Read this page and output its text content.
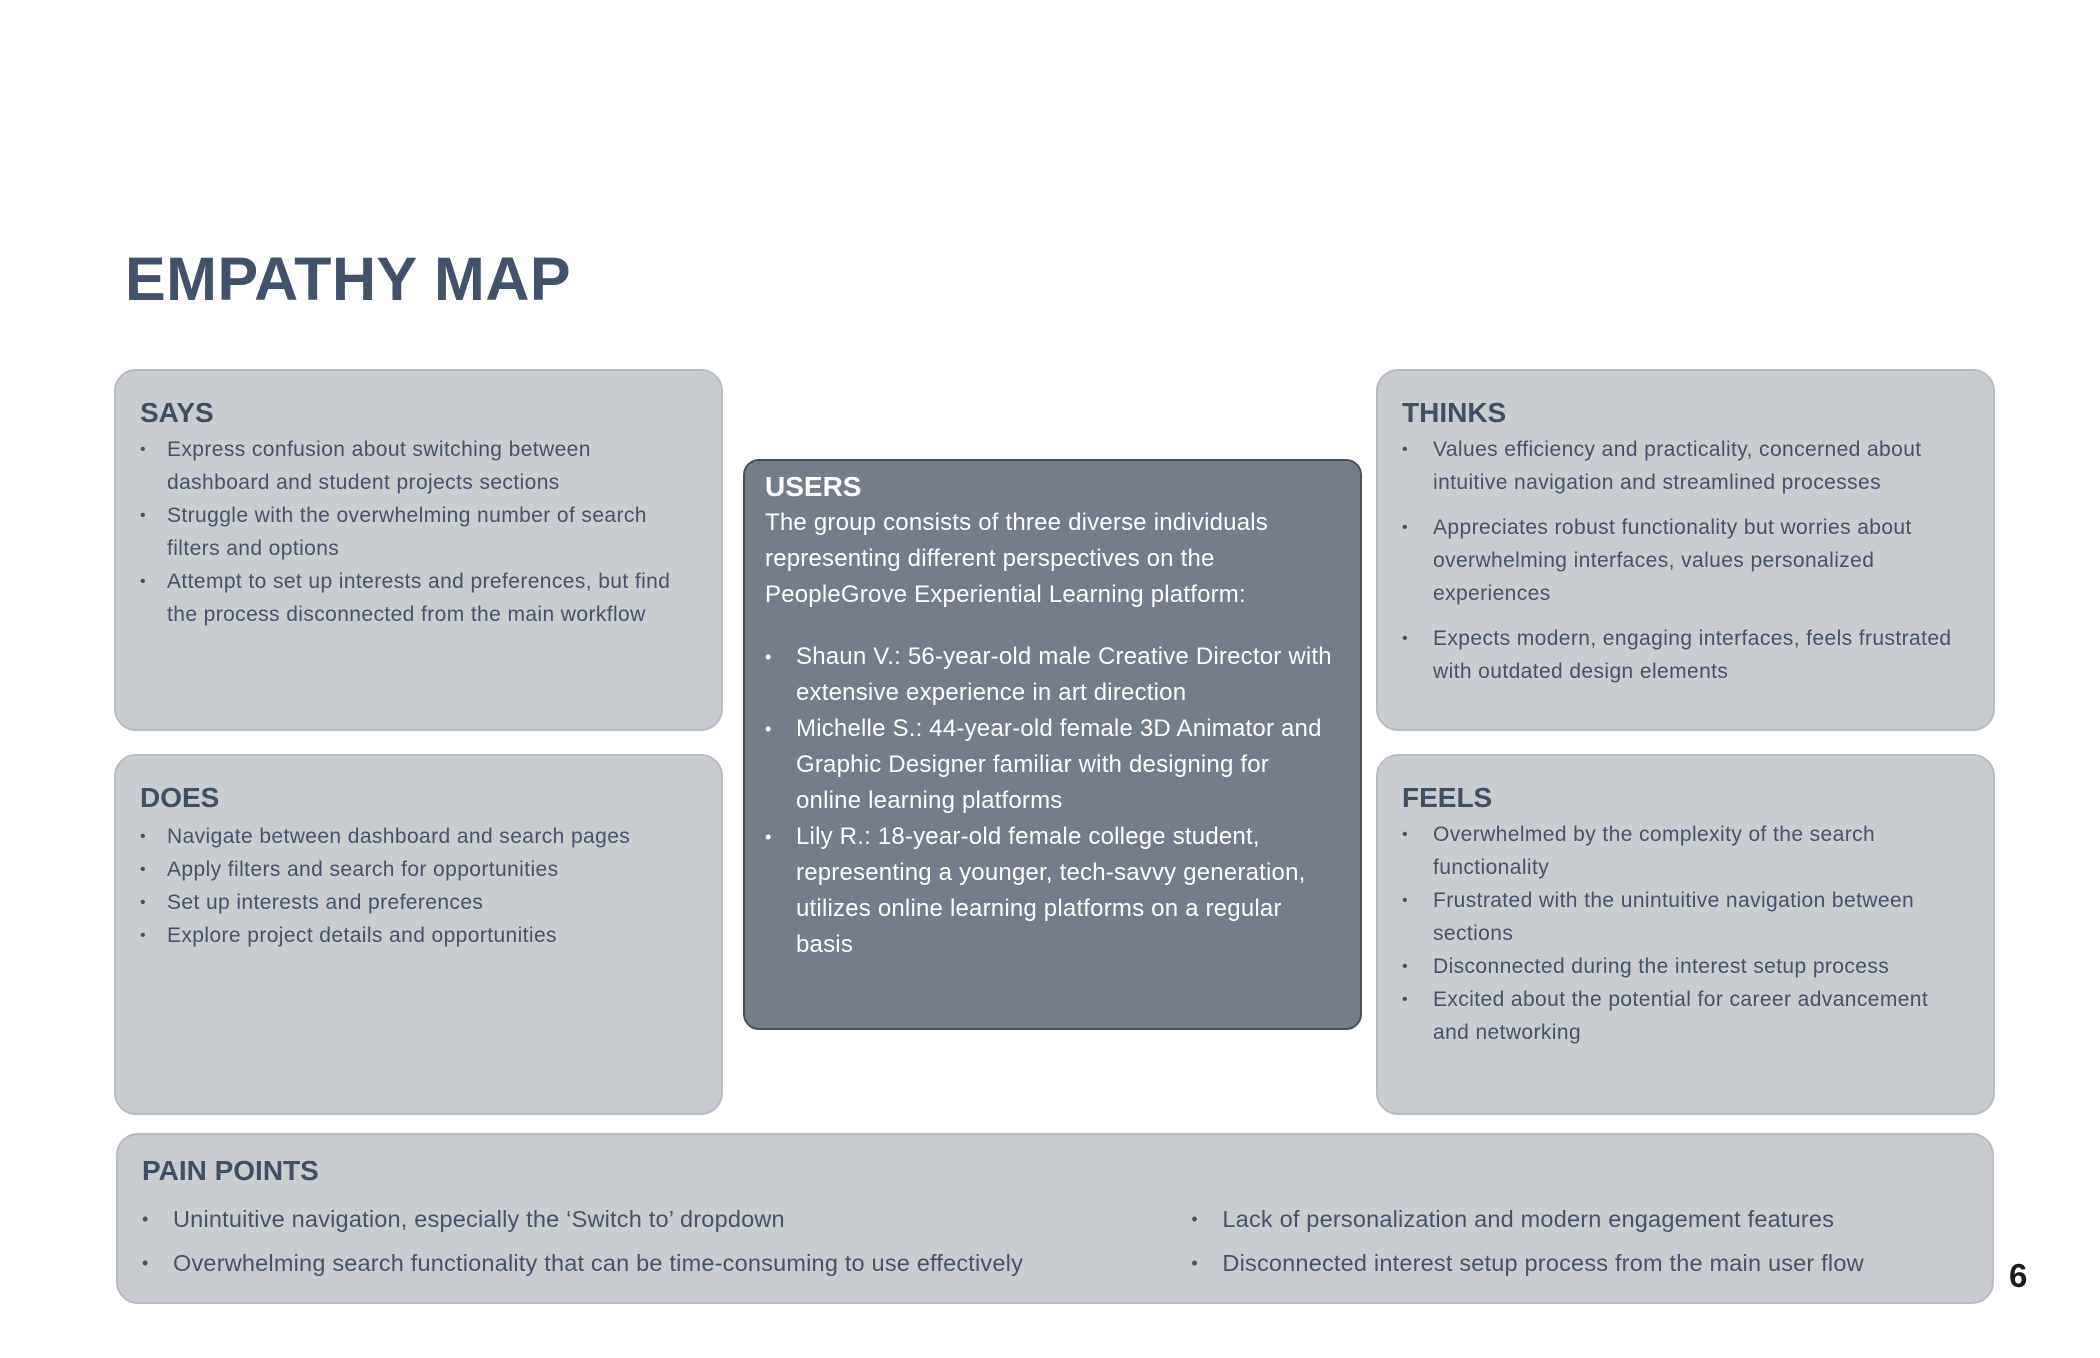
EMPATHY MAP
SAYS
• Express confusion about switching between dashboard and student projects sections
• Struggle with the overwhelming number of search filters and options
• Attempt to set up interests and preferences, but find the process disconnected from the main workflow
DOES
• Navigate between dashboard and search pages
• Apply filters and search for opportunities
• Set up interests and preferences
• Explore project details and opportunities
USERS

The group consists of three diverse individuals representing different perspectives on the PeopleGrove Experiential Learning platform:

• Shaun V.: 56-year-old male Creative Director with extensive experience in art direction
• Michelle S.: 44-year-old female 3D Animator and Graphic Designer familiar with designing for online learning platforms
• Lily R.: 18-year-old female college student, representing a younger, tech-savvy generation, utilizes online learning platforms on a regular basis
THINKS
• Values efficiency and practicality, concerned about intuitive navigation and streamlined processes
• Appreciates robust functionality but worries about overwhelming interfaces, values personalized experiences
• Expects modern, engaging interfaces, feels frustrated with outdated design elements
FEELS
• Overwhelmed by the complexity of the search functionality
• Frustrated with the unintuitive navigation between sections
• Disconnected during the interest setup process
• Excited about the potential for career advancement and networking
PAIN POINTS
• Unintuitive navigation, especially the ‘Switch to’ dropdown
• Overwhelming search functionality that can be time-consuming to use effectively
• Lack of personalization and modern engagement features
• Disconnected interest setup process from the main user flow	6
